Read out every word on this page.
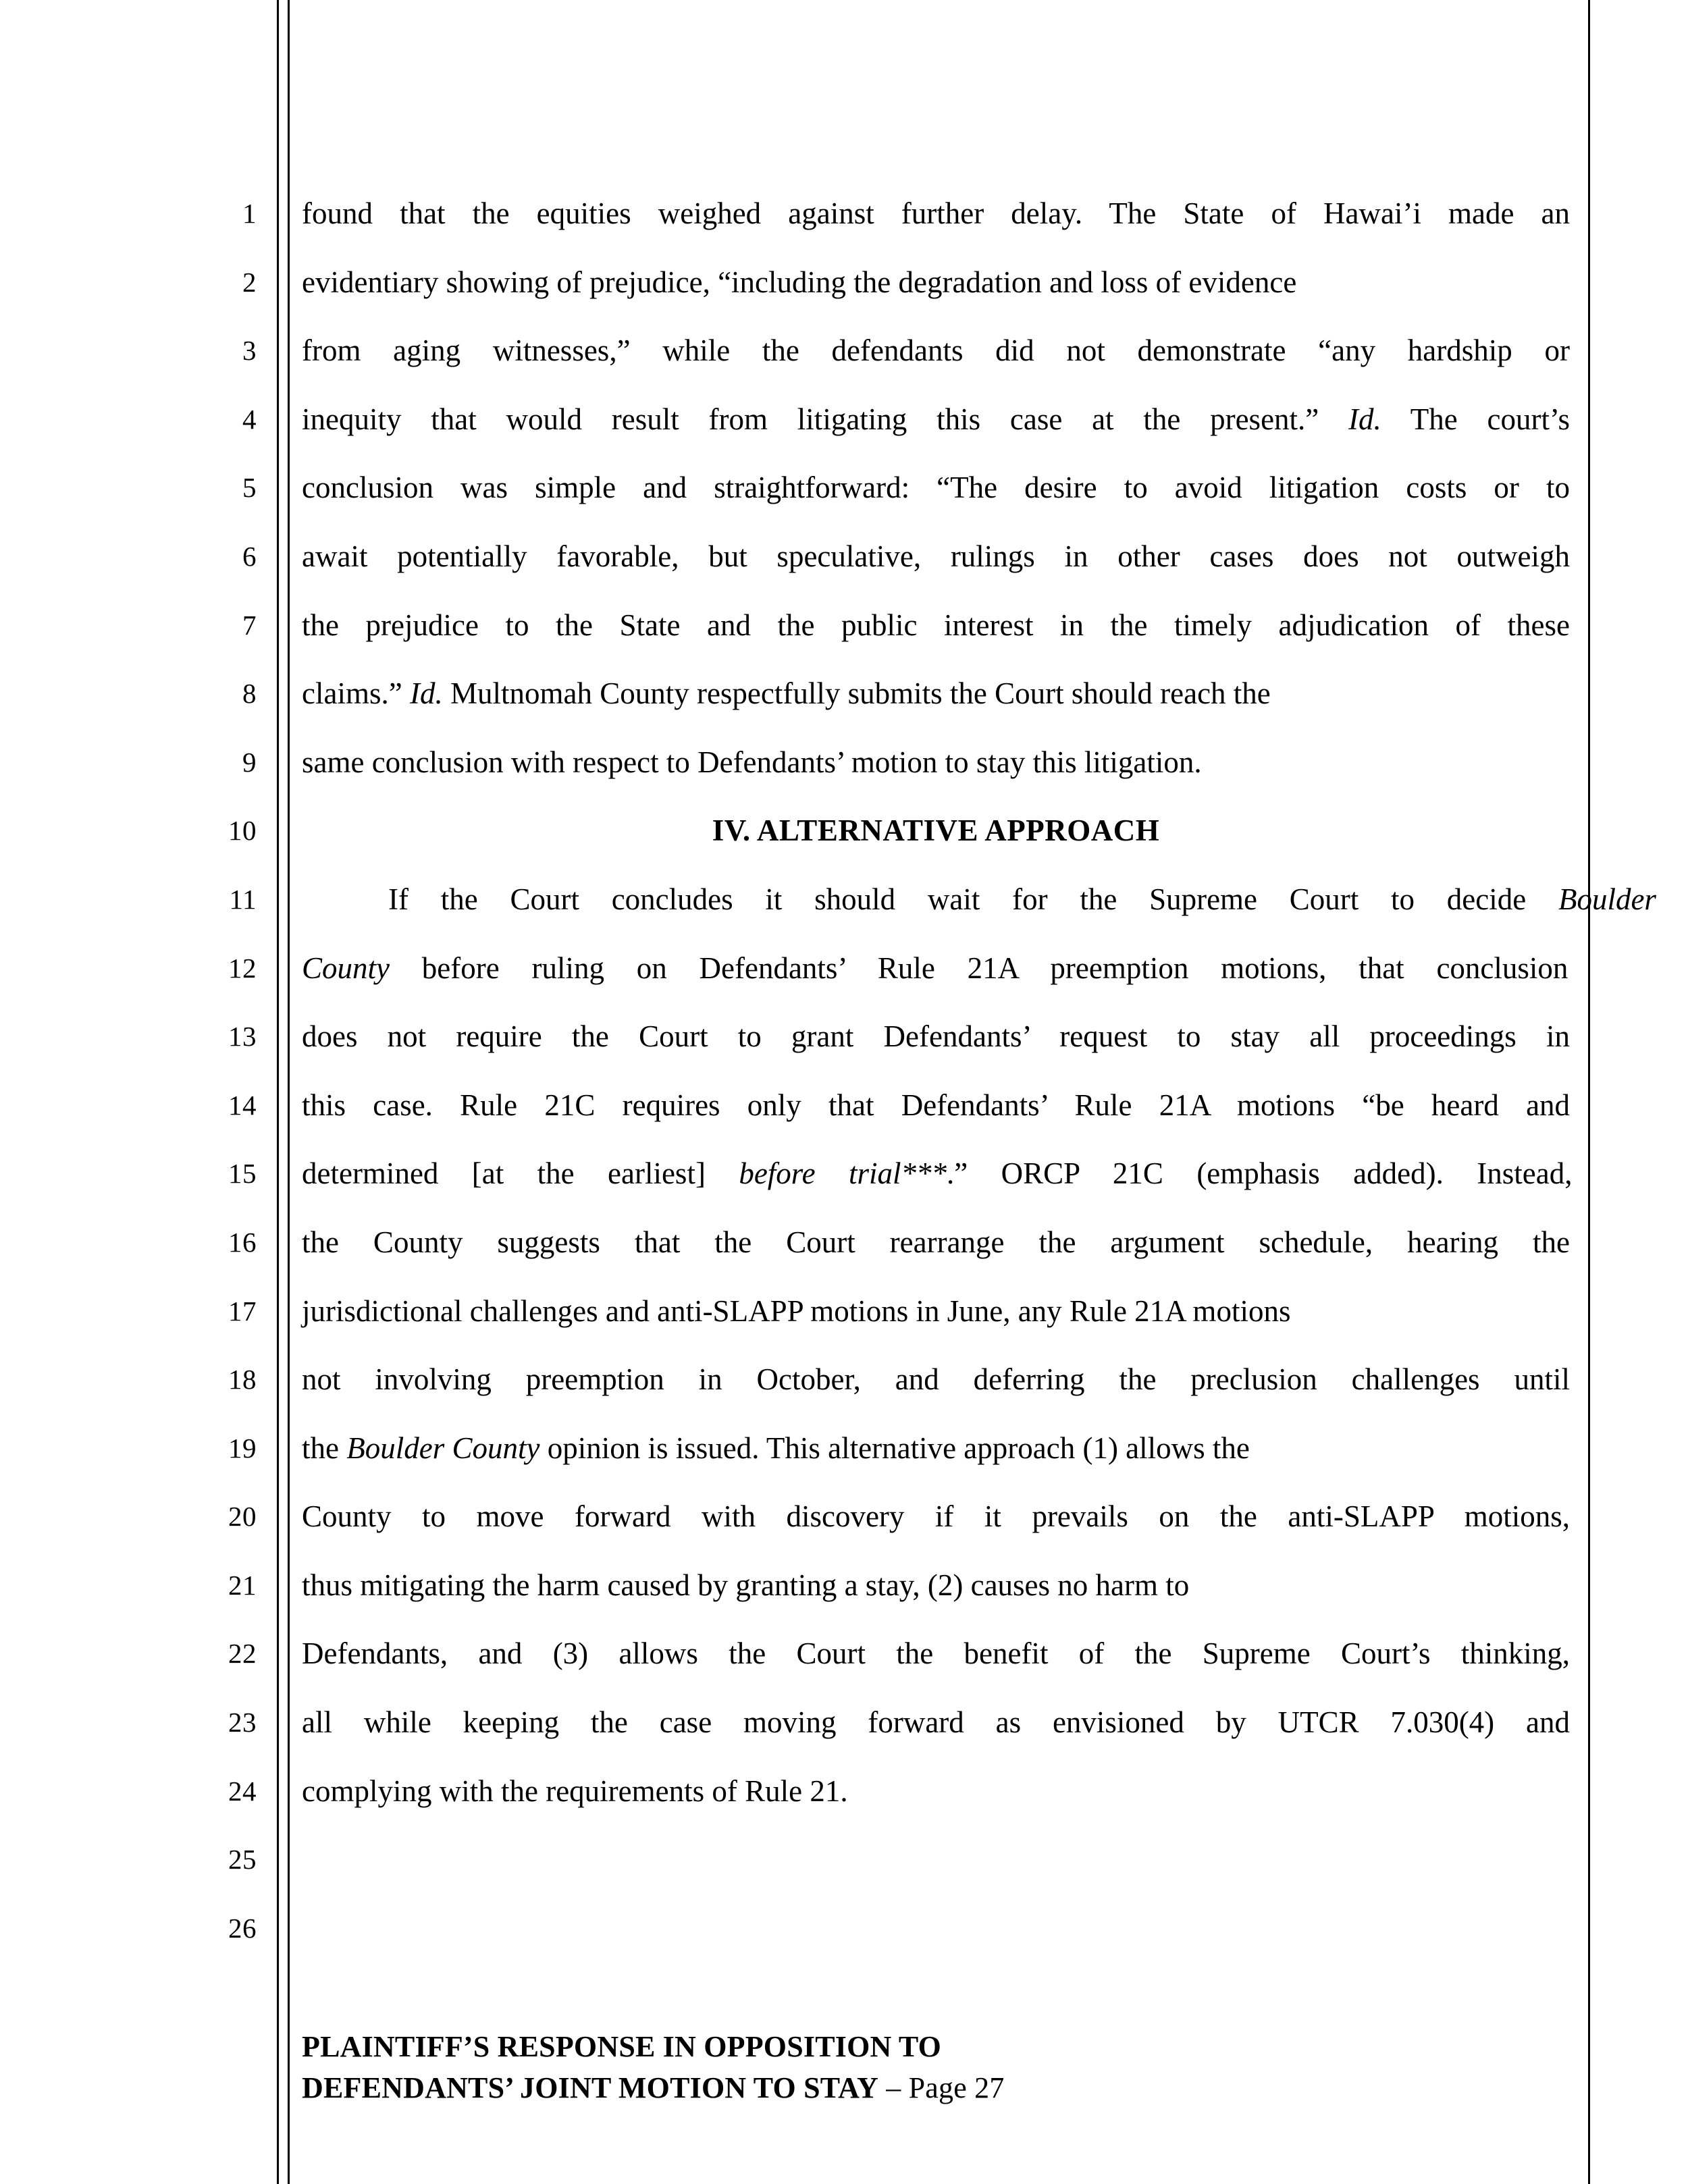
1
2
3
4
5
6
7
8
9
10
11
12
13
14
15
16
17
18
19
20
21
22
23
24
25
26
found that the equities weighed against further delay. The State of Hawai’i made an
evidentiary showing of prejudice, “including the degradation and loss of evidence
from aging witnesses,” while the defendants did not demonstrate “any hardship or
inequity that would result from litigating this case at the present.” Id. The court’s
conclusion was simple and straightforward: “The desire to avoid litigation costs or to
await potentially favorable, but speculative, rulings in other cases does not outweigh
the prejudice to the State and the public interest in the timely adjudication of these
claims.” Id. Multnomah County respectfully submits the Court should reach the
same conclusion with respect to Defendants’ motion to stay this litigation.
IV. ALTERNATIVE APPROACH
If the Court concludes it should wait for the Supreme Court to decide Boulder
County before ruling on Defendants’ Rule 21A preemption motions, that conclusion
does not require the Court to grant Defendants’ request to stay all proceedings in
this case. Rule 21C requires only that Defendants’ Rule 21A motions “be heard and
determined [at the earliest] before trial***.” ORCP 21C (emphasis added). Instead,
the County suggests that the Court rearrange the argument schedule, hearing the
jurisdictional challenges and anti-SLAPP motions in June, any Rule 21A motions
not involving preemption in October, and deferring the preclusion challenges until
the Boulder County opinion is issued. This alternative approach (1) allows the
County to move forward with discovery if it prevails on the anti-SLAPP motions,
thus mitigating the harm caused by granting a stay, (2) causes no harm to
Defendants, and (3) allows the Court the benefit of the Supreme Court’s thinking,
all while keeping the case moving forward as envisioned by UTCR 7.030(4) and
complying with the requirements of Rule 21.
PLAINTIFF’S RESPONSE IN OPPOSITION TO
DEFENDANTS’ JOINT MOTION TO STAY – Page 27
